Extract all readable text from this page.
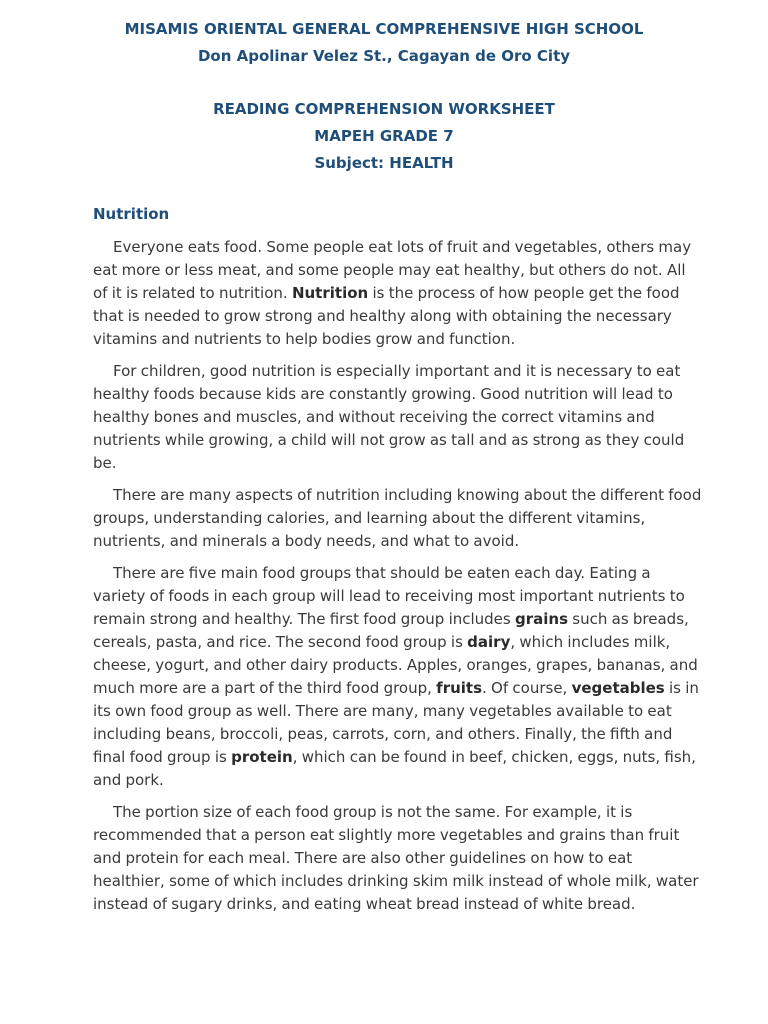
MISAMIS ORIENTAL GENERAL COMPREHENSIVE HIGH SCHOOL
Don Apolinar Velez St., Cagayan de Oro City
READING COMPREHENSION WORKSHEET
MAPEH GRADE 7
Subject: HEALTH
Nutrition

Everyone eats food. Some people eat lots of fruit and vegetables, others may eat more or less meat, and some people may eat healthy, but others do not. All of it is related to nutrition. Nutrition is the process of how people get the food that is needed to grow strong and healthy along with obtaining the necessary vitamins and nutrients to help bodies grow and function.

For children, good nutrition is especially important and it is necessary to eat healthy foods because kids are constantly growing. Good nutrition will lead to healthy bones and muscles, and without receiving the correct vitamins and nutrients while growing, a child will not grow as tall and as strong as they could be.

There are many aspects of nutrition including knowing about the different food groups, understanding calories, and learning about the different vitamins, nutrients, and minerals a body needs, and what to avoid.

There are five main food groups that should be eaten each day. Eating a variety of foods in each group will lead to receiving most important nutrients to remain strong and healthy. The first food group includes grains such as breads, cereals, pasta, and rice. The second food group is dairy, which includes milk, cheese, yogurt, and other dairy products. Apples, oranges, grapes, bananas, and much more are a part of the third food group, fruits. Of course, vegetables is in its own food group as well. There are many, many vegetables available to eat including beans, broccoli, peas, carrots, corn, and others. Finally, the fifth and final food group is protein, which can be found in beef, chicken, eggs, nuts, fish, and pork.

The portion size of each food group is not the same. For example, it is recommended that a person eat slightly more vegetables and grains than fruit and protein for each meal. There are also other guidelines on how to eat healthier, some of which includes drinking skim milk instead of whole milk, water instead of sugary drinks, and eating wheat bread instead of white bread.
